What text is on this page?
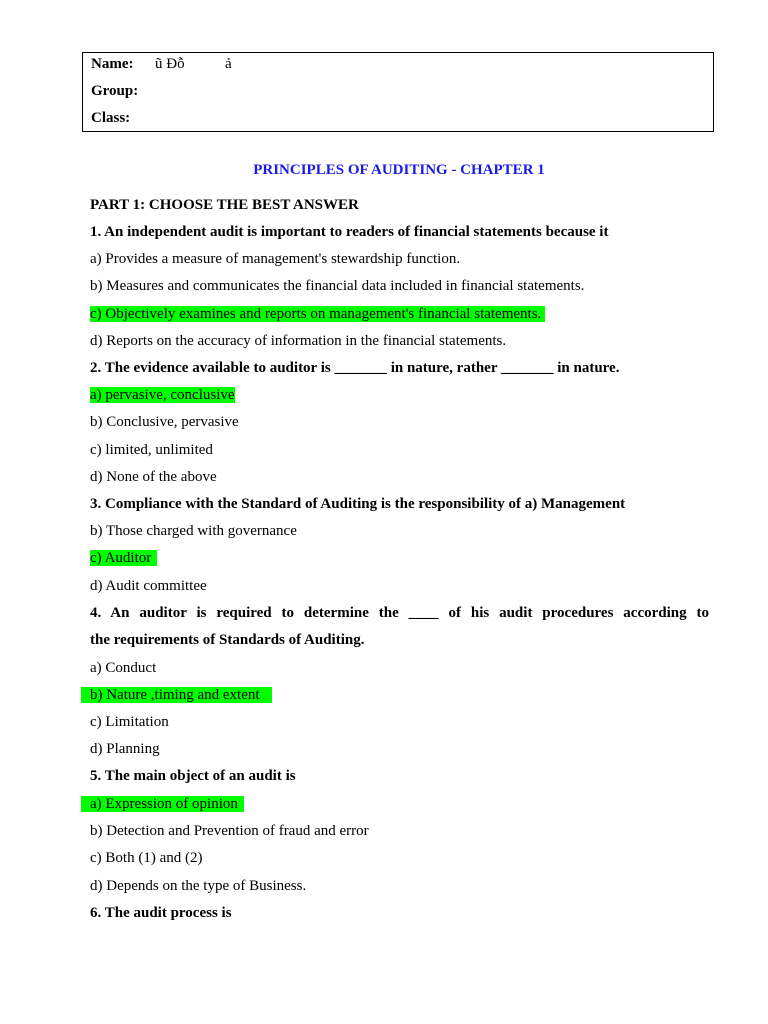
Name: ũ Đỗ	ả
Group:
Class:
PRINCIPLES OF AUDITING - CHAPTER 1
PART 1: CHOOSE THE BEST ANSWER
1. An independent audit is important to readers of financial statements because it
a) Provides a measure of management's stewardship function.
b) Measures and communicates the financial data included in financial statements.
c) Objectively examines and reports on management's financial statements.
d) Reports on the accuracy of information in the financial statements.
2. The evidence available to auditor is _______ in nature, rather _______ in nature.
a) pervasive, conclusive
b) Conclusive, pervasive
c) limited, unlimited
d) None of the above
3. Compliance with the Standard of Auditing is the responsibility of a) Management
b) Those charged with governance
c) Auditor
d) Audit committee
4. An auditor is required to determine the ____ of his audit procedures according to
the requirements of Standards of Auditing.
a) Conduct
b) Nature ,timing and extent
c) Limitation
d) Planning
5. The main object of an audit is
a) Expression of opinion
b) Detection and Prevention of fraud and error
c) Both (1) and (2)
d) Depends on the type of Business.
6. The audit process is
